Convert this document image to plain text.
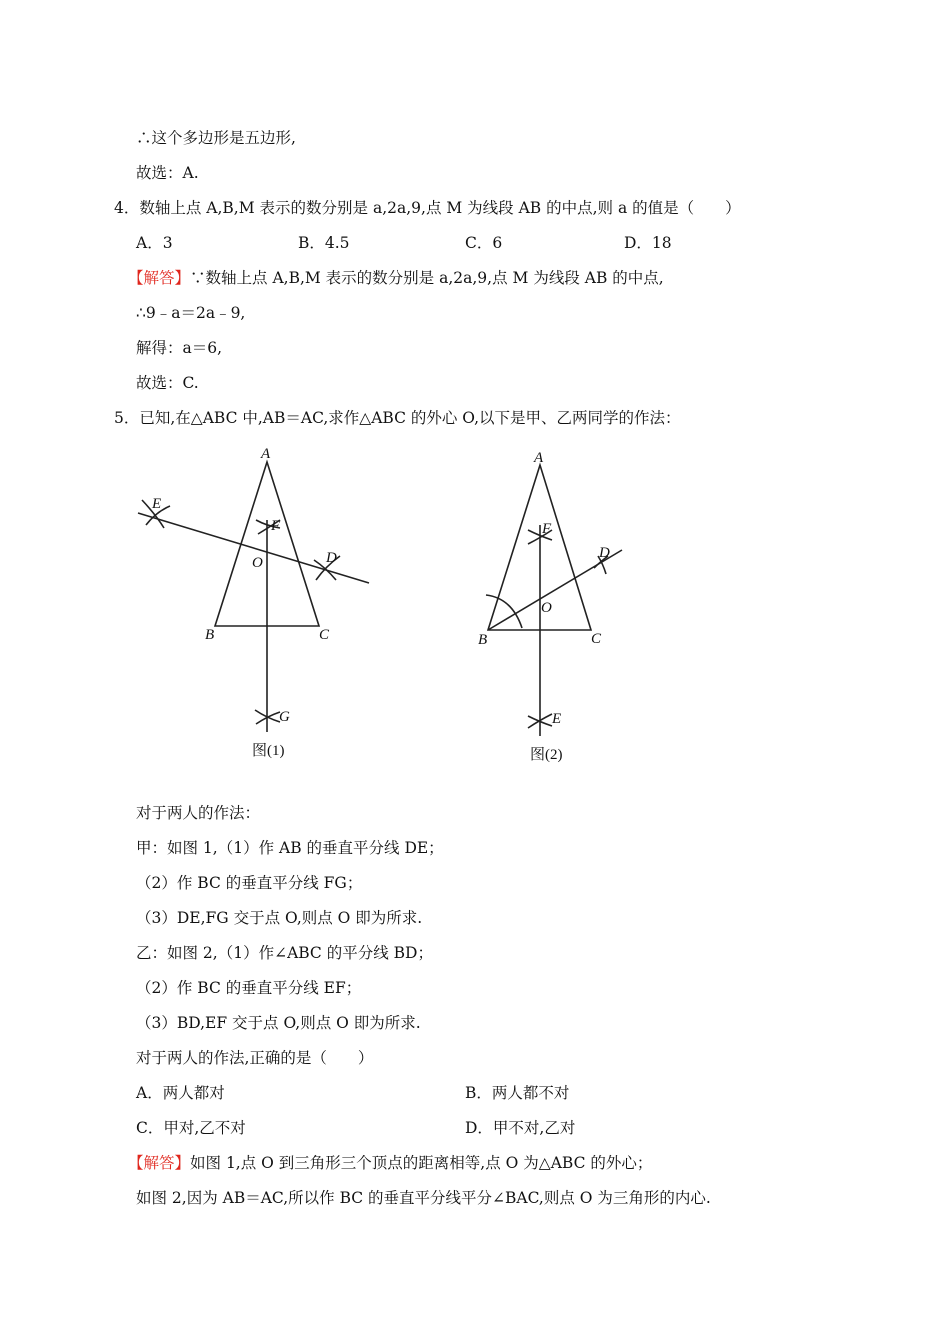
∴这个多边形是五边形,
故选：A.
4．数轴上点 A,B,M 表示的数分别是 a,2a,9,点 M 为线段 AB 的中点,则 a 的值是（　　）
A．3	B．4.5	C．6	D．18
【解答】∵数轴上点 A,B,M 表示的数分别是 a,2a,9,点 M 为线段 AB 的中点,
∴9﹣a＝2a﹣9,
解得：a＝6,
故选：C.
5．已知,在△ABC 中,AB＝AC,求作△ABC 的外心 O,以下是甲、乙两同学的作法：
A
B	C
E
F
O	D
G
图(1)
A
B	C
F
D
O
E
图(2)
对于两人的作法：
甲：如图 1,（1）作 AB 的垂直平分线 DE；
（2）作 BC 的垂直平分线 FG；
（3）DE,FG 交于点 O,则点 O 即为所求.
乙：如图 2,（1）作∠ABC 的平分线 BD；
（2）作 BC 的垂直平分线 EF；
（3）BD,EF 交于点 O,则点 O 即为所求.
对于两人的作法,正确的是（　　）
A．两人都对	B．两人都不对
C．甲对,乙不对	D．甲不对,乙对
【解答】如图 1,点 O 到三角形三个顶点的距离相等,点 O 为△ABC 的外心；
如图 2,因为 AB＝AC,所以作 BC 的垂直平分线平分∠BAC,则点 O 为三角形的内心.
